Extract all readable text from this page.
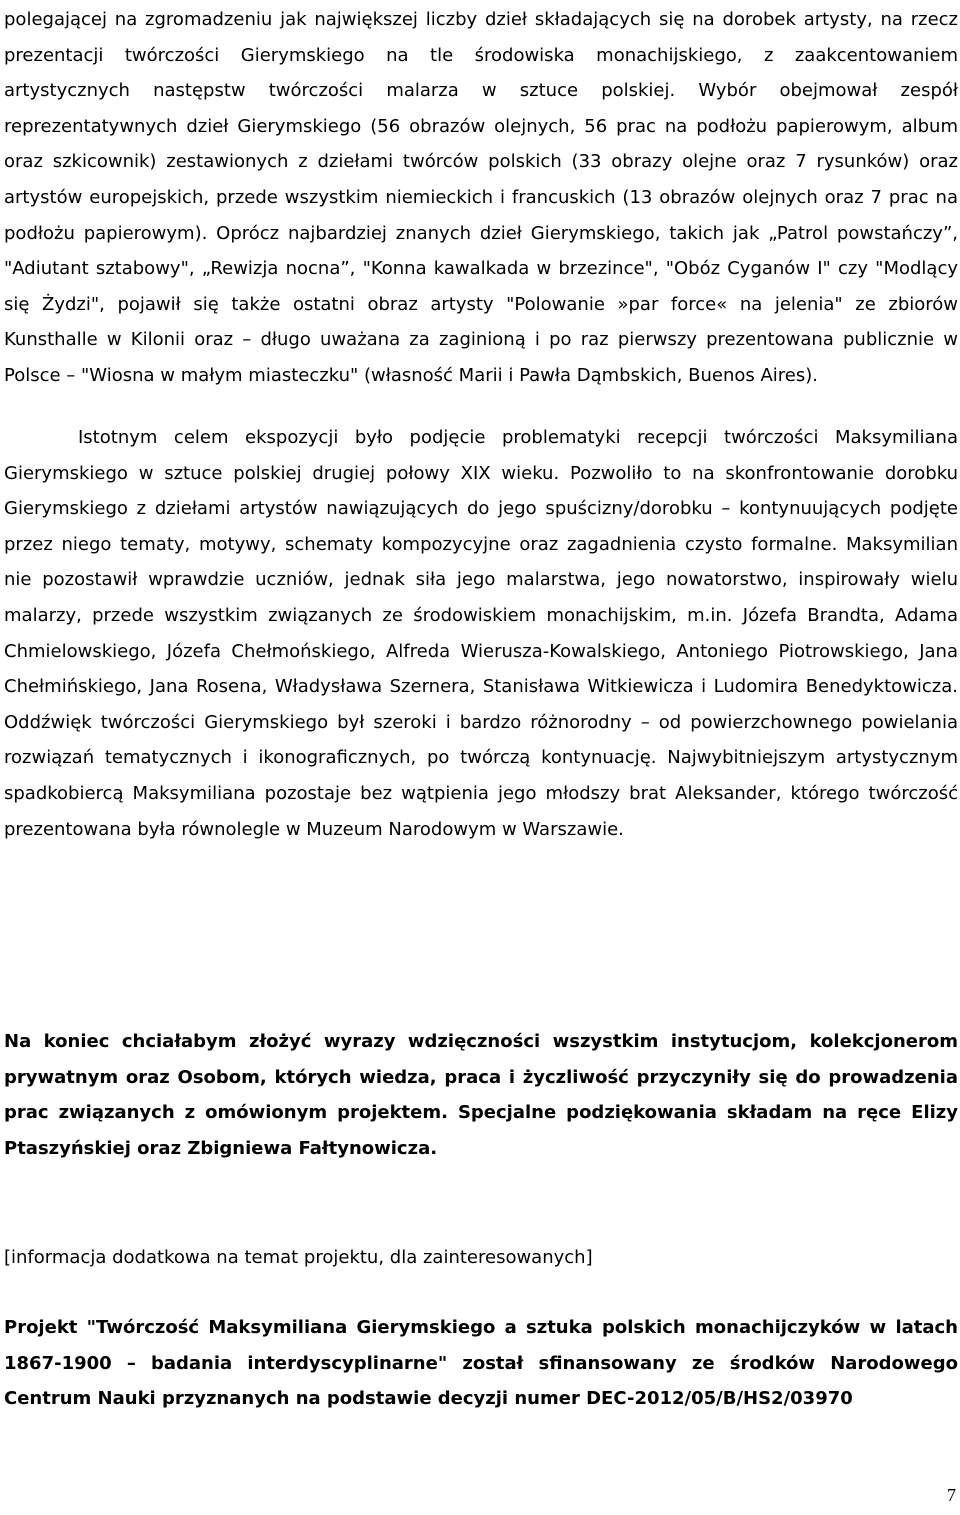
polegającej na zgromadzeniu jak największej liczby dzieł składających się na dorobek artysty, na rzecz prezentacji twórczości Gierymskiego na tle środowiska monachijskiego, z zaakcentowaniem artystycznych następstw twórczości malarza w sztuce polskiej. Wybór obejmował zespół reprezentatywnych dzieł Gierymskiego (56 obrazów olejnych, 56 prac na podłożu papierowym, album oraz szkicownik) zestawionych z dziełami twórców polskich (33 obrazy olejne oraz 7 rysunków) oraz artystów europejskich, przede wszystkim niemieckich i francuskich (13 obrazów olejnych oraz 7 prac na podłożu papierowym). Oprócz najbardziej znanych dzieł Gierymskiego, takich jak „Patrol powstańczy”, "Adiutant sztabowy", „Rewizja nocna”, "Konna kawalkada w brzezince", "Obóz Cyganów I" czy "Modlący się Żydzi", pojawił się także ostatni obraz artysty "Polowanie »par force« na jelenia" ze zbiorów Kunsthalle w Kilonii oraz – długo uważana za zaginioną i po raz pierwszy prezentowana publicznie w Polsce – "Wiosna w małym miasteczku" (własność Marii i Pawła Dąmbskich, Buenos Aires).

Istotnym celem ekspozycji było podjęcie problematyki recepcji twórczości Maksymiliana Gierymskiego w sztuce polskiej drugiej połowy XIX wieku. Pozwoliło to na skonfrontowanie dorobku Gierymskiego z dziełami artystów nawiązujących do jego spuścizny/dorobku – kontynuujących podjęte przez niego tematy, motywy, schematy kompozycyjne oraz zagadnienia czysto formalne. Maksymilian nie pozostawił wprawdzie uczniów, jednak siła jego malarstwa, jego nowatorstwo, inspirowały wielu malarzy, przede wszystkim związanych ze środowiskiem monachijskim, m.in. Józefa Brandta, Adama Chmielowskiego, Józefa Chełmońskiego, Alfreda Wierusza-Kowalskiego, Antoniego Piotrowskiego, Jana Chełmińskiego, Jana Rosena, Władysława Szernera, Stanisława Witkiewicza i Ludomira Benedyktowicza. Oddźwięk twórczości Gierymskiego był szeroki i bardzo różnorodny – od powierzchownego powielania rozwiązań tematycznych i ikonograficznych, po twórczą kontynuację. Najwybitniejszym artystycznym spadkobiercą Maksymiliana pozostaje bez wątpienia jego młodszy brat Aleksander, którego twórczość prezentowana była równolegle w Muzeum Narodowym w Warszawie.

Na koniec chciałabym złożyć wyrazy wdzięczności wszystkim instytucjom, kolekcjonerom prywatnym oraz Osobom, których wiedza, praca i życzliwość przyczyniły się do prowadzenia prac związanych z omówionym projektem. Specjalne podziękowania składam na ręce Elizy Ptaszyńskiej oraz Zbigniewa Fałtynowicza.

[informacja dodatkowa na temat projektu, dla zainteresowanych]

Projekt "Twórczość Maksymiliana Gierymskiego a sztuka polskich monachijczyków w latach 1867-1900 – badania interdyscyplinarne" został sfinansowany ze środków Narodowego Centrum Nauki przyznanych na podstawie decyzji numer DEC-2012/05/B/HS2/03970

7
